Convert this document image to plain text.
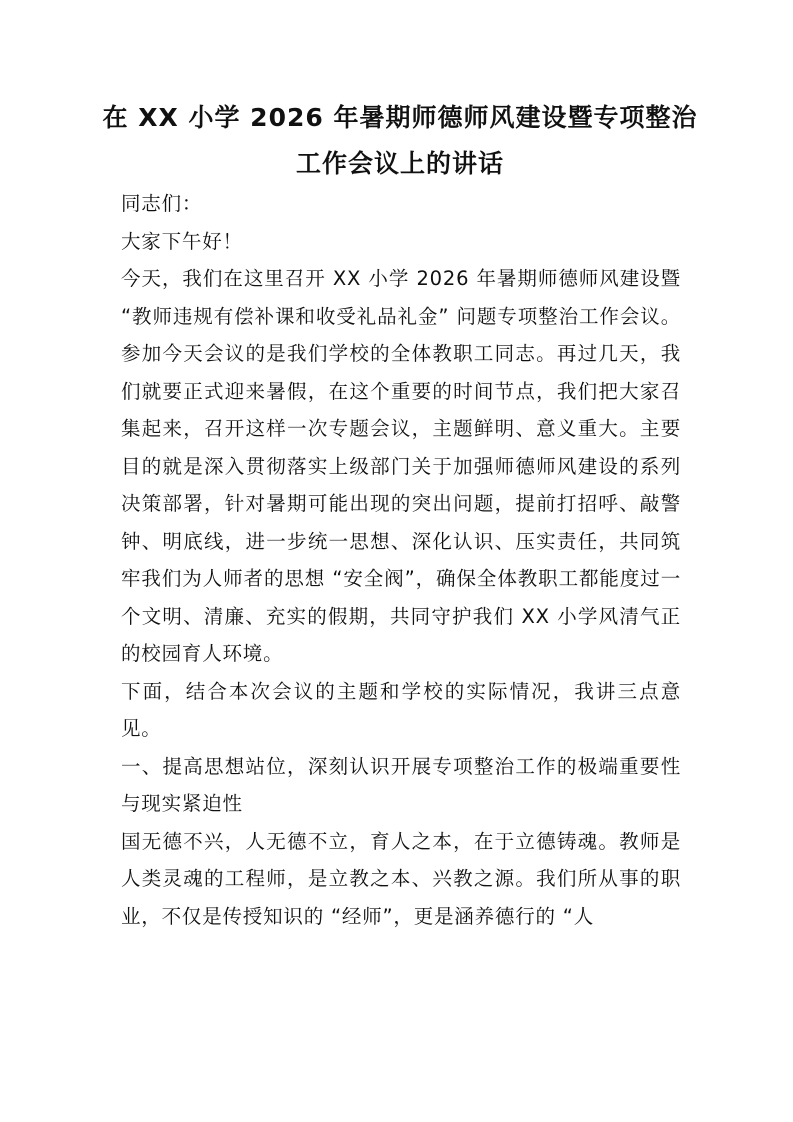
在 XX 小学 2026 年暑期师德师风建设暨专项整治
工作会议上的讲话

同志们：

大家下午好！

今天，我们在这里召开 XX 小学 2026 年暑期师德师风建设暨 “教师违规有偿补课和收受礼品礼金” 问题专项整治工作会议。参加今天会议的是我们学校的全体教职工同志。再过几天，我们就要正式迎来暑假，在这个重要的时间节点，我们把大家召集起来，召开这样一次专题会议，主题鲜明、意义重大。主要目的就是深入贯彻落实上级部门关于加强师德师风建设的系列决策部署，针对暑期可能出现的突出问题，提前打招呼、敲警钟、明底线，进一步统一思想、深化认识、压实责任，共同筑牢我们为人师者的思想 “安全阀”，确保全体教职工都能度过一个文明、清廉、充实的假期，共同守护我们 XX 小学风清气正的校园育人环境。

下面，结合本次会议的主题和学校的实际情况，我讲三点意见。

一、提高思想站位，深刻认识开展专项整治工作的极端重要性与现实紧迫性

国无德不兴，人无德不立，育人之本，在于立德铸魂。教师是人类灵魂的工程师，是立教之本、兴教之源。我们所从事的职业，不仅是传授知识的 “经师”，更是涵养德行的 “人
